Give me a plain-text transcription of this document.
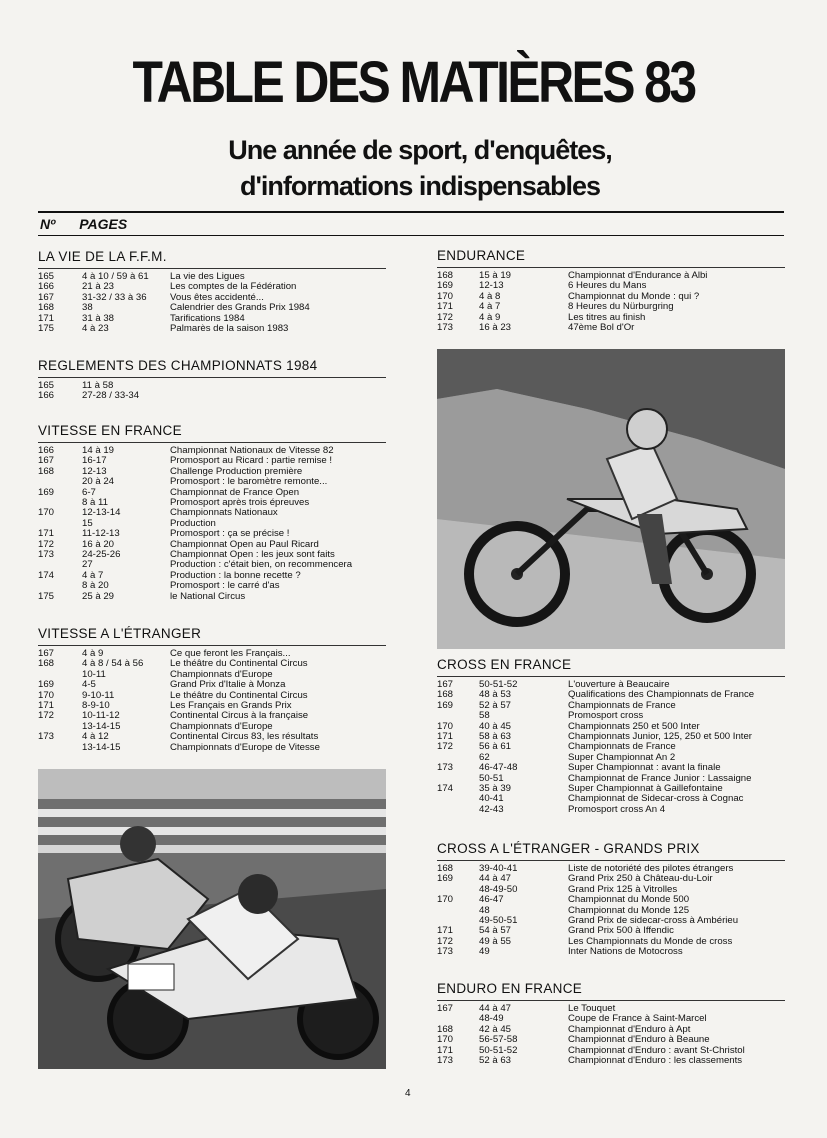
TABLE DES MATIÈRES 83
Une année de sport, d'enquêtes,
d'informations indispensables
Nº PAGES
LA VIE DE LA F.F.M.
165	4 à 10 / 59 à 61	La vie des Ligues
166	21 à 23	Les comptes de la Fédération
167	31-32 / 33 à 36	Vous êtes accidenté...
168	38	Calendrier des Grands Prix 1984
171	31 à 38	Tarifications 1984
175	4 à 23	Palmarès de la saison 1983
REGLEMENTS DES CHAMPIONNATS 1984
165	11 à 58
166	27-28 / 33-34
VITESSE EN FRANCE
166	14 à 19	Championnat Nationaux de Vitesse 82
167	16-17	Promosport au Ricard : partie remise !
168	12-13	Challenge Production première
20 à 24	Promosport : le baromètre remonte...
169	6-7	Championnat de France Open
8 à 11	Promosport après trois épreuves
170	12-13-14	Championnats Nationaux
15	Production
171	11-12-13	Promosport : ça se précise !
172	16 à 20	Championnat Open au Paul Ricard
173	24-25-26	Championnat Open : les jeux sont faits
27	Production : c'était bien, on recommencera
174	4 à 7	Production : la bonne recette ?
8 à 20	Promosport : le carré d'as
175	25 à 29	le National Circus
VITESSE A L'ÉTRANGER
167	4 à 9	Ce que feront les Français...
168	4 à 8 / 54 à 56	Le théâtre du Continental Circus
10-11	Championnats d'Europe
169	4-5	Grand Prix d'Italie à Monza
170	9-10-11	Le théâtre du Continental Circus
171	8-9-10	Les Français en Grands Prix
172	10-11-12	Continental Circus à la française
13-14-15	Championnats d'Europe
173	4 à 12	Continental Circus 83, les résultats
13-14-15	Championnats d'Europe de Vitesse
ENDURANCE
168	15 à 19	Championnat d'Endurance à Albi
169	12-13	6 Heures du Mans
170	4 à 8	Championnat du Monde : qui ?
171	4 à 7	8 Heures du Nürburgring
172	4 à 9	Les titres au finish
173	16 à 23	47ème Bol d'Or
CROSS EN FRANCE
167	50-51-52	L'ouverture à Beaucaire
168	48 à 53	Qualifications des Championnats de France
169	52 à 57	Championnats de France
58	Promosport cross
170	40 à 45	Championnats 250 et 500 Inter
171	58 à 63	Championnats Junior, 125, 250 et 500 Inter
172	56 à 61	Championnats de France
62	Super Championnat An 2
173	46-47-48	Super Championnat : avant la finale
50-51	Championnat de France Junior : Lassaigne
174	35 à 39	Super Championnat à Gaillefontaine
40-41	Championnat de Sidecar-cross à Cognac
42-43	Promosport cross An 4
CROSS A L'ÉTRANGER - GRANDS PRIX
168	39-40-41	Liste de notoriété des pilotes étrangers
169	44 à 47	Grand Prix 250 à Château-du-Loir
48-49-50	Grand Prix 125 à Vitrolles
170	46-47	Championnat du Monde 500
48	Championnat du Monde 125
49-50-51	Grand Prix de sidecar-cross à Ambérieu
171	54 à 57	Grand Prix 500 à Iffendic
172	49 à 55	Les Championnats du Monde de cross
173	49	Inter Nations de Motocross
ENDURO EN FRANCE
167	44 à 47	Le Touquet
48-49	Coupe de France à Saint-Marcel
168	42 à 45	Championnat d'Enduro à Apt
170	56-57-58	Championnat d'Enduro à Beaune
171	50-51-52	Championnat d'Enduro : avant St-Christol
173	52 à 63	Championnat d'Enduro : les classements
4
